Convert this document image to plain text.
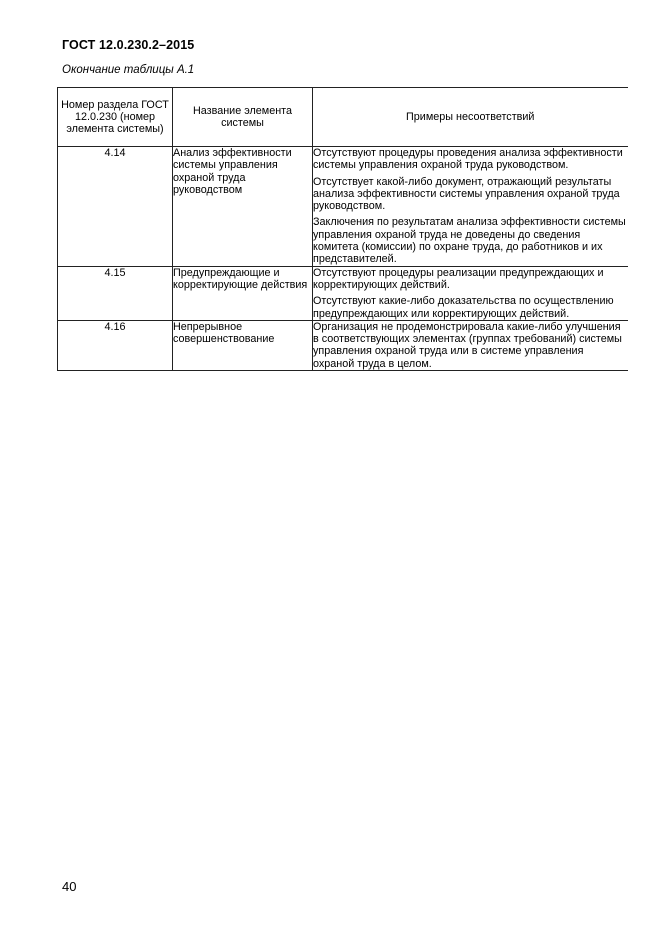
ГОСТ 12.0.230.2–2015
Окончание таблицы А.1
Номер раздела ГОСТ 12.0.230 (номер элемента системы)	Название элемента системы	Примеры несоответствий
4.14	Анализ эффективности системы управления охраной труда руководством	Отсутствуют процедуры проведения анализа эффективности системы управления охраной труда руководством.
Отсутствует какой-либо документ, отражающий результаты анализа эффективности системы управления охраной труда руководством.
Заключения по результатам анализа эффективности системы управления охраной труда не доведены до сведения комитета (комиссии) по охране труда, до работников и их представителей.

4.15	Предупреждающие и корректирующие действия	Отсутствуют процедуры реализации предупреждающих и корректирующих действий.
Отсутствуют какие-либо доказательства по осуществлению предупреждающих или корректирующих действий.

4.16	Непрерывное совершенствование	Организация не продемонстрировала какие-либо улучшения в соответствующих элементах (группах требований) системы управления охраной труда или в системе управления охраной труда в целом.
40
